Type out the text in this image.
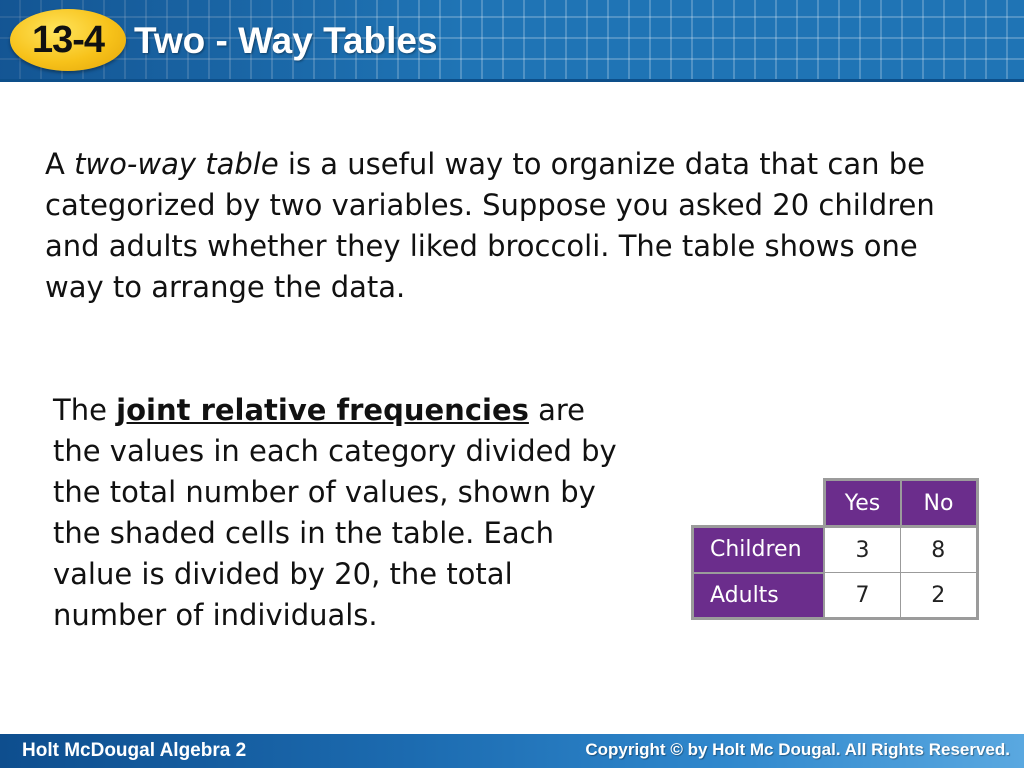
13-4 Two - Way Tables

A two-way table is a useful way to organize data that can be categorized by two variables. Suppose you asked 20 children and adults whether they liked broccoli. The table shows one way to arrange the data.

The joint relative frequencies are the values in each category divided by the total number of values, shown by the shaded cells in the table. Each value is divided by 20, the total number of individuals.

	Yes	No
Children	3	8
Adults	7	2
Holt McDougal Algebra 2	Copyright © by Holt Mc Dougal. All Rights Reserved.
